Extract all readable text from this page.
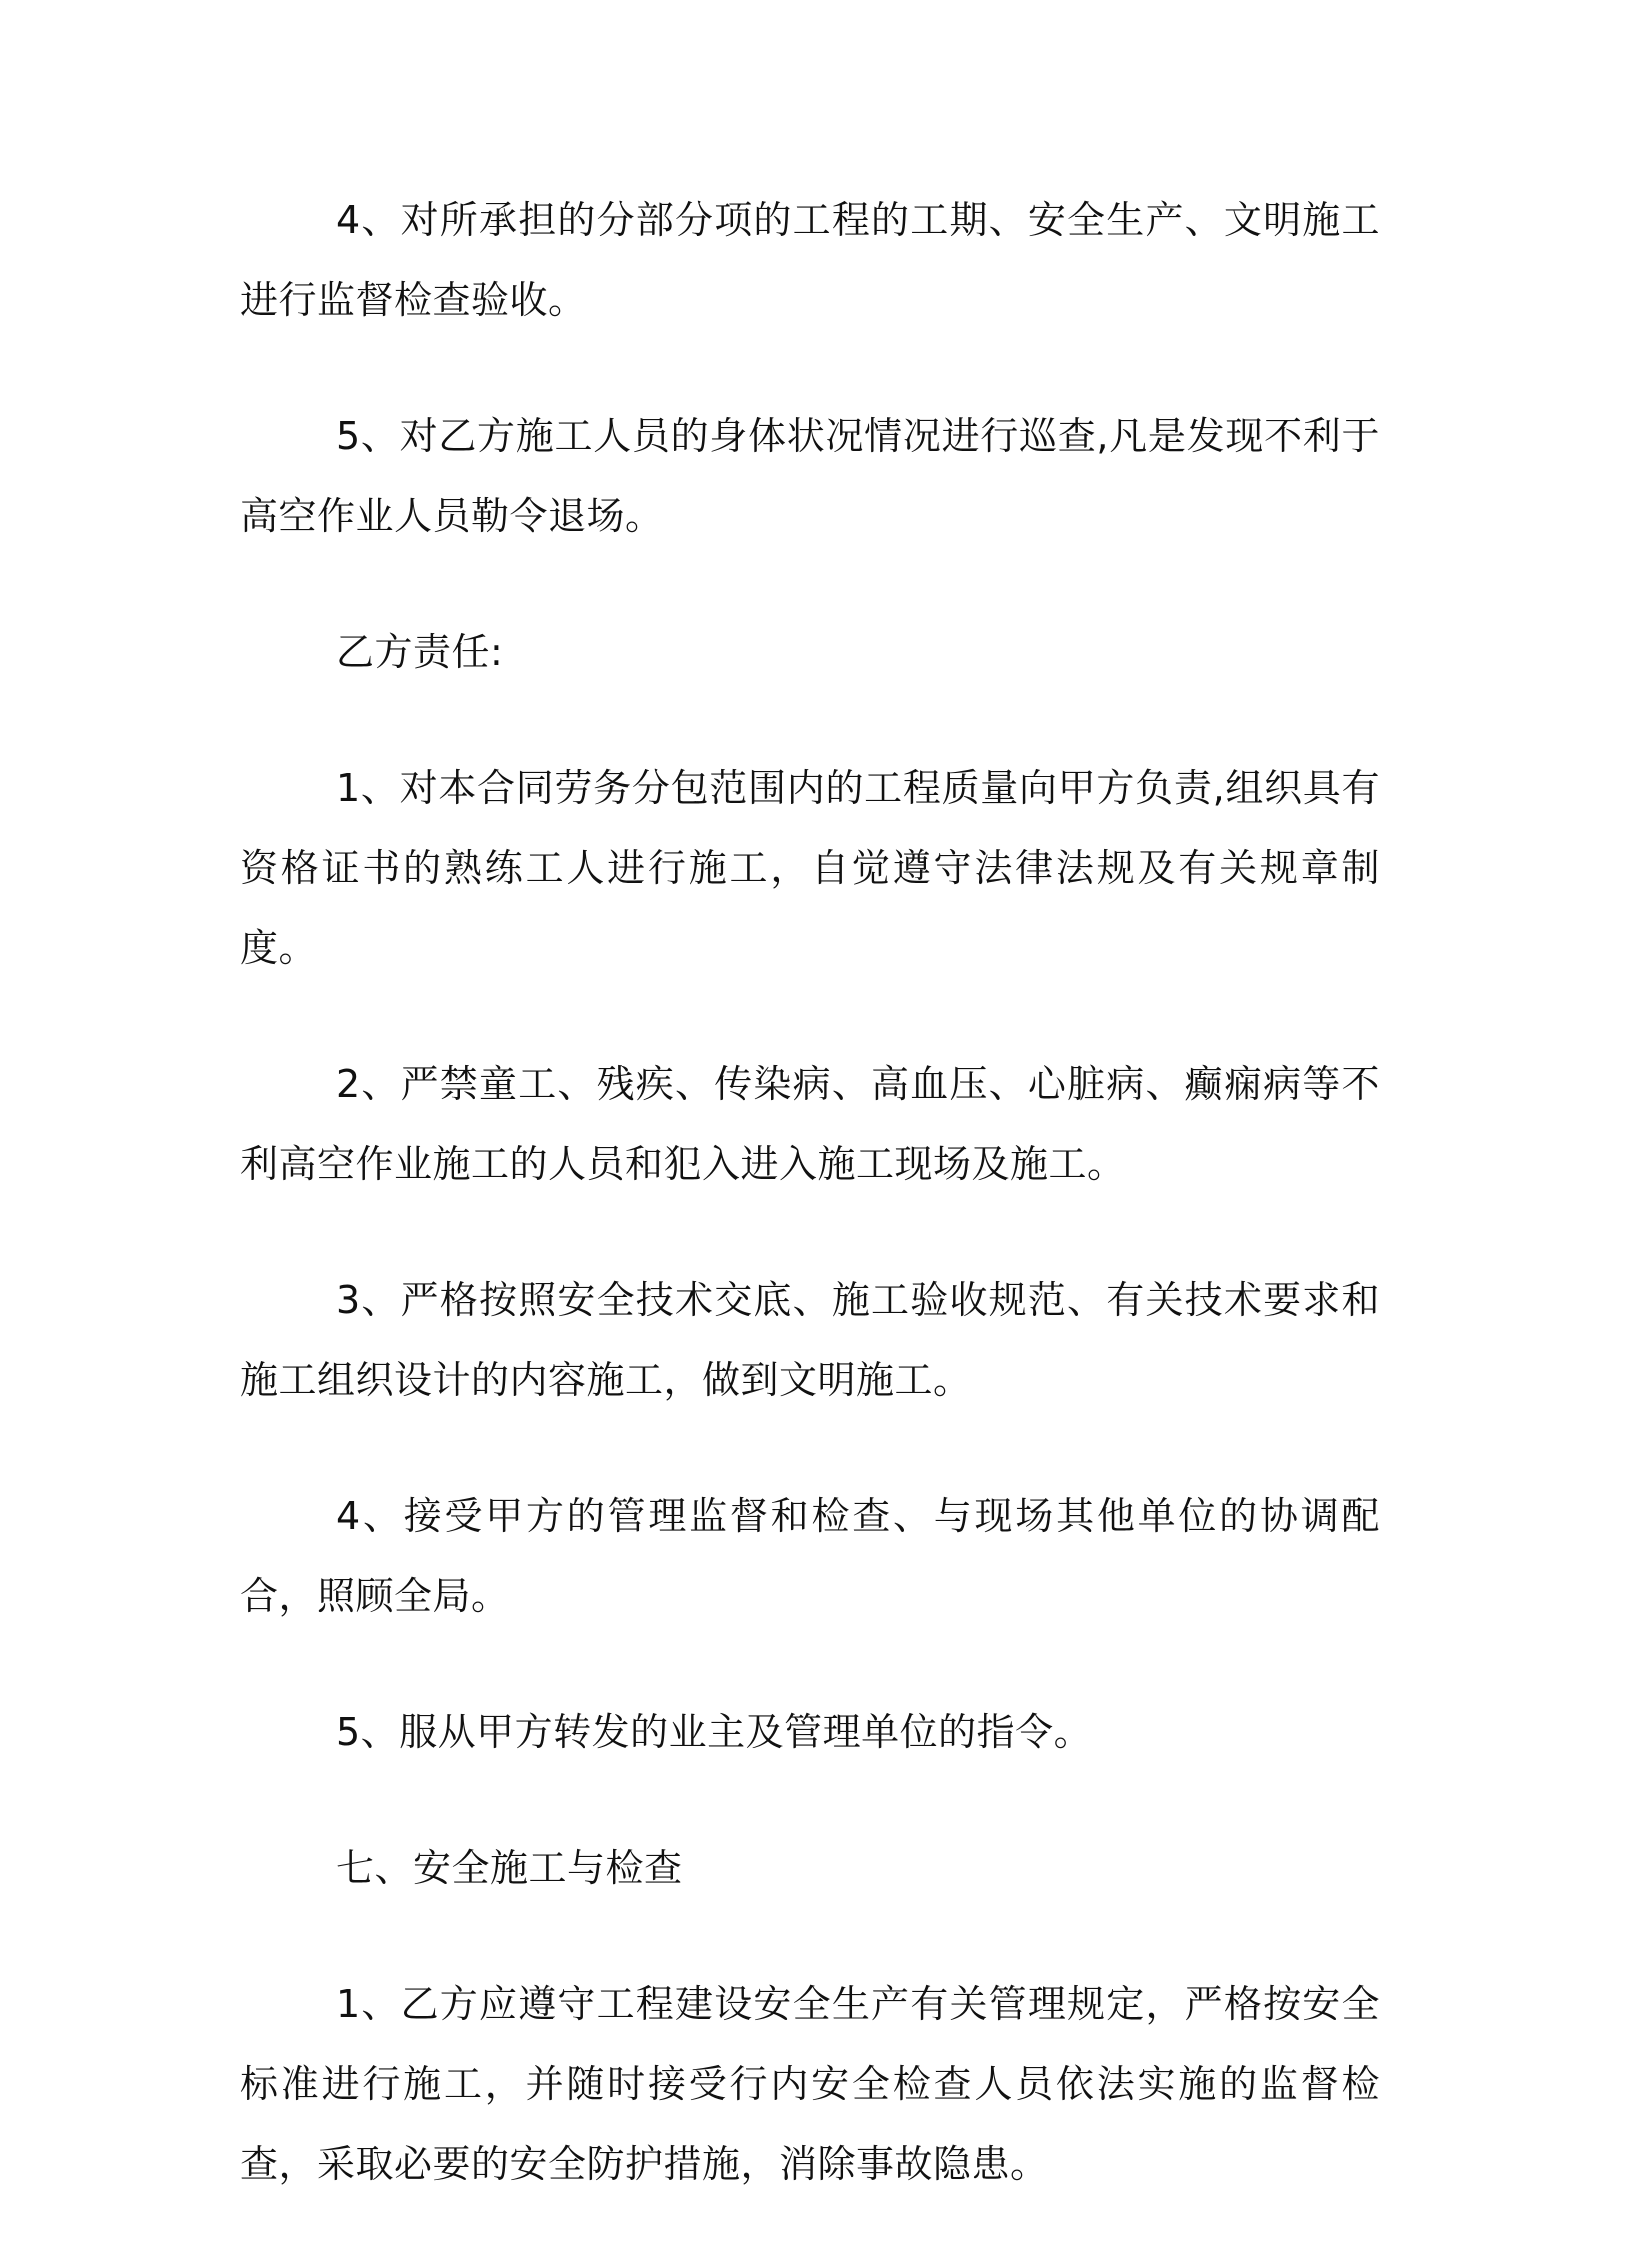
4、对所承担的分部分项的工程的工期、安全生产、文明施工进行监督检查验收。

5、对乙方施工人员的身体状况情况进行巡查,凡是发现不利于高空作业人员勒令退场。

乙方责任:

1、对本合同劳务分包范围内的工程质量向甲方负责,组织具有资格证书的熟练工人进行施工，自觉遵守法律法规及有关规章制度。

2、严禁童工、残疾、传染病、高血压、心脏病、癫痫病等不利高空作业施工的人员和犯入进入施工现场及施工。

3、严格按照安全技术交底、施工验收规范、有关技术要求和施工组织设计的内容施工，做到文明施工。

4、接受甲方的管理监督和检查、与现场其他单位的协调配合，照顾全局。

5、服从甲方转发的业主及管理单位的指令。

七、安全施工与检查

1、乙方应遵守工程建设安全生产有关管理规定，严格按安全标准进行施工，并随时接受行内安全检查人员依法实施的监督检查，采取必要的安全防护措施，消除事故隐患。
